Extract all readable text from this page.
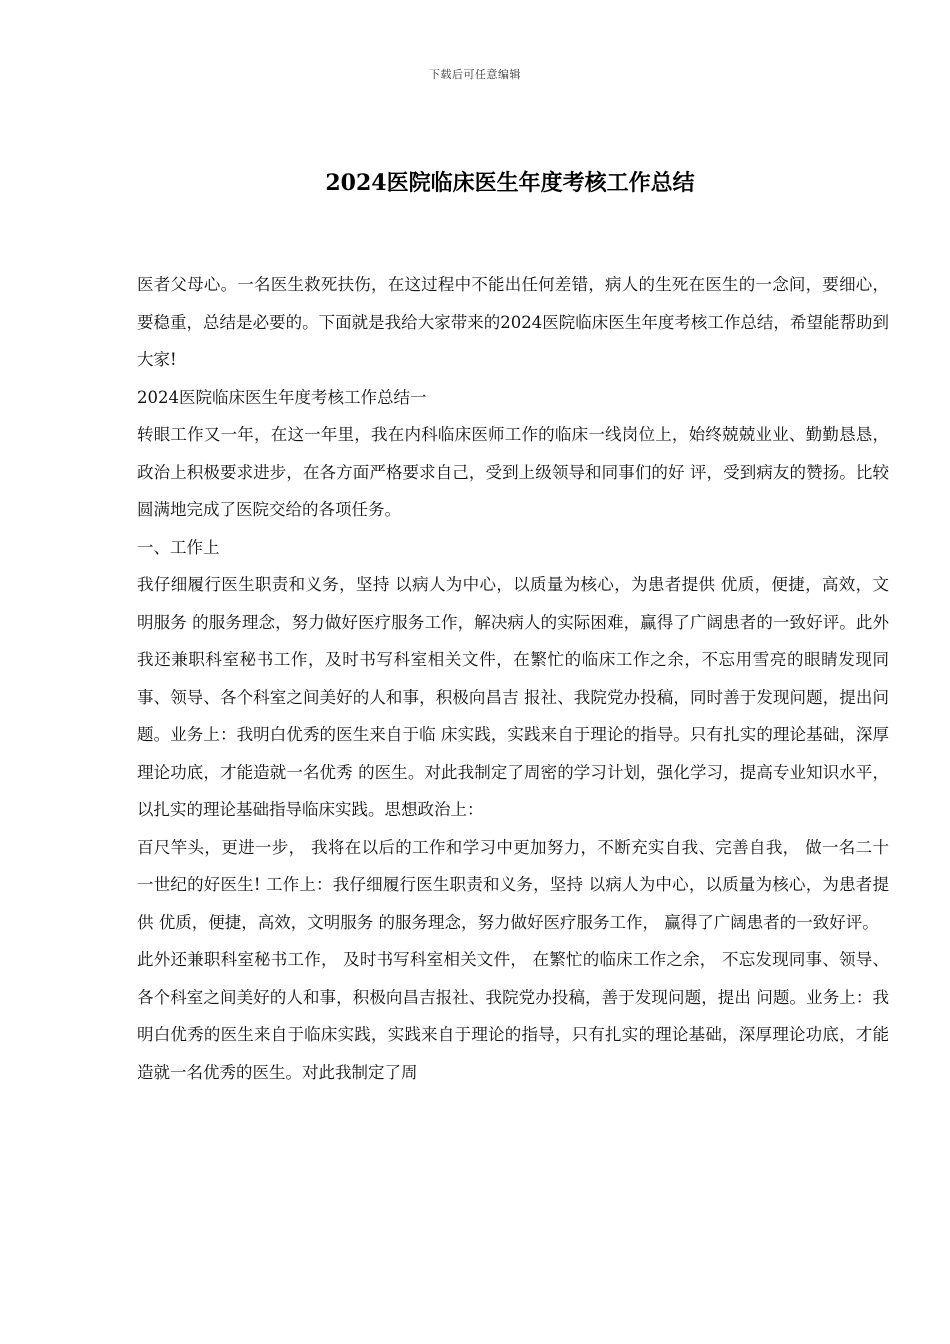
下载后可任意编辑
2024医院临床医生年度考核工作总结

医者父母心。一名医生救死扶伤，在这过程中不能出任何差错，病人的生死在医生的一念间，要细心，要稳重，总结是必要的。下面就是我给大家带来的2024医院临床医生年度考核工作总结，希望能帮助到大家!

2024医院临床医生年度考核工作总结一

转眼工作又一年，在这一年里，我在内科临床医师工作的临床一线岗位上，始终兢兢业业、勤勤恳恳，政治上积极要求进步，在各方面严格要求自己，受到上级领导和同事们的好 评，受到病友的赞扬。比较圆满地完成了医院交给的各项任务。

一、工作上

我仔细履行医生职责和义务，坚持 以病人为中心，以质量为核心，为患者提供 优质，便捷，高效，文明服务 的服务理念，努力做好医疗服务工作，解决病人的实际困难，赢得了广阔患者的一致好评。此外我还兼职科室秘书工作，及时书写科室相关文件，在繁忙的临床工作之余，不忘用雪亮的眼睛发现同事、领导、各个科室之间美好的人和事，积极向昌吉 报社、我院党办投稿，同时善于发现问题，提出问题。业务上：我明白优秀的医生来自于临 床实践，实践来自于理论的指导。只有扎实的理论基础，深厚理论功底，才能造就一名优秀 的医生。对此我制定了周密的学习计划，强化学习，提高专业知识水平，以扎实的理论基础指导临床实践。思想政治上：

百尺竿头，更进一步， 我将在以后的工作和学习中更加努力，不断充实自我、完善自我， 做一名二十一世纪的好医生! 工作上：我仔细履行医生职责和义务，坚持 以病人为中心，以质量为核心，为患者提供 优质，便捷，高效，文明服务 的服务理念，努力做好医疗服务工作， 赢得了广阔患者的一致好评。

此外还兼职科室秘书工作， 及时书写科室相关文件， 在繁忙的临床工作之余， 不忘发现同事、领导、各个科室之间美好的人和事，积极向昌吉报社、我院党办投稿，善于发现问题，提出 问题。业务上：我明白优秀的医生来自于临床实践，实践来自于理论的指导，只有扎实的理论基础，深厚理论功底，才能造就一名优秀的医生。对此我制定了周
